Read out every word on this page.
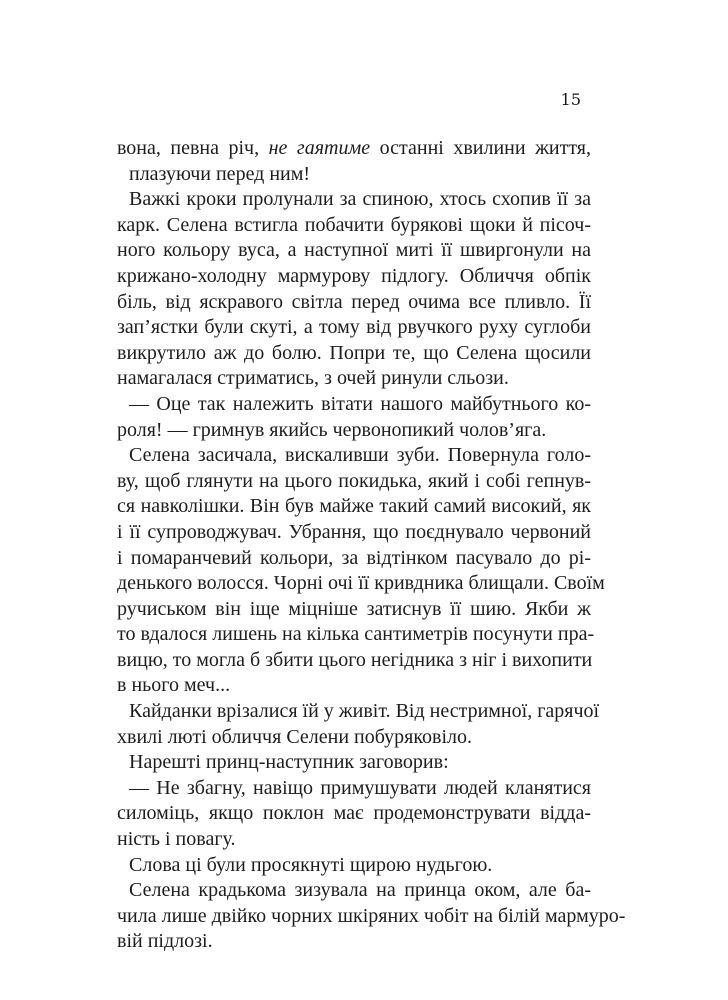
15
вона, певна річ, не гаятиме останні хвилини життя,
плазуючи перед ним!
Важкі кроки пролунали за спиною, хтось схопив її за
карк. Селена встигла побачити бурякові щоки й пісоч-
ного кольору вуса, а наступної миті її швиргонули на
крижано-холодну мармурову підлогу. Обличчя обпік
біль, від яскравого світла перед очима все пливло. Її
зап’ястки були скуті, а тому від рвучкого руху суглоби
викрутило аж до болю. Попри те, що Селена щосили
намагалася стриматись, з очей ринули сльози.
— Оце так належить вітати нашого майбутнього ко-
роля! — гримнув якийсь червонопикий чолов’яга.
Селена засичала, вискаливши зуби. Повернула голо-
ву, щоб глянути на цього покидька, який і собі гепнув-
ся навколішки. Він був майже такий самий високий, як
і її супроводжувач. Убрання, що поєднувало червоний
і помаранчевий кольори, за відтінком пасувало до рі-
денького волосся. Чорні очі її кривдника блищали. Своїм
ручиськом він іще міцніше затиснув її шию. Якби ж
то вдалося лишень на кілька сантиметрів посунути пра-
вицю, то могла б збити цього негідника з ніг і вихопити
в нього меч...
Кайданки врізалися їй у живіт. Від нестримної, гарячої
хвилі люті обличчя Селени побуряковіло.
Нарешті принц-наступник заговорив:
— Не збагну, навіщо примушувати людей кланятися
силоміць, якщо поклон має продемонструвати відда-
ність і повагу.
Слова ці були просякнуті щирою нудьгою.
Селена крадькома зизувала на принца оком, але ба-
чила лише двійко чорних шкіряних чобіт на білій мармуро-
вій підлозі.
